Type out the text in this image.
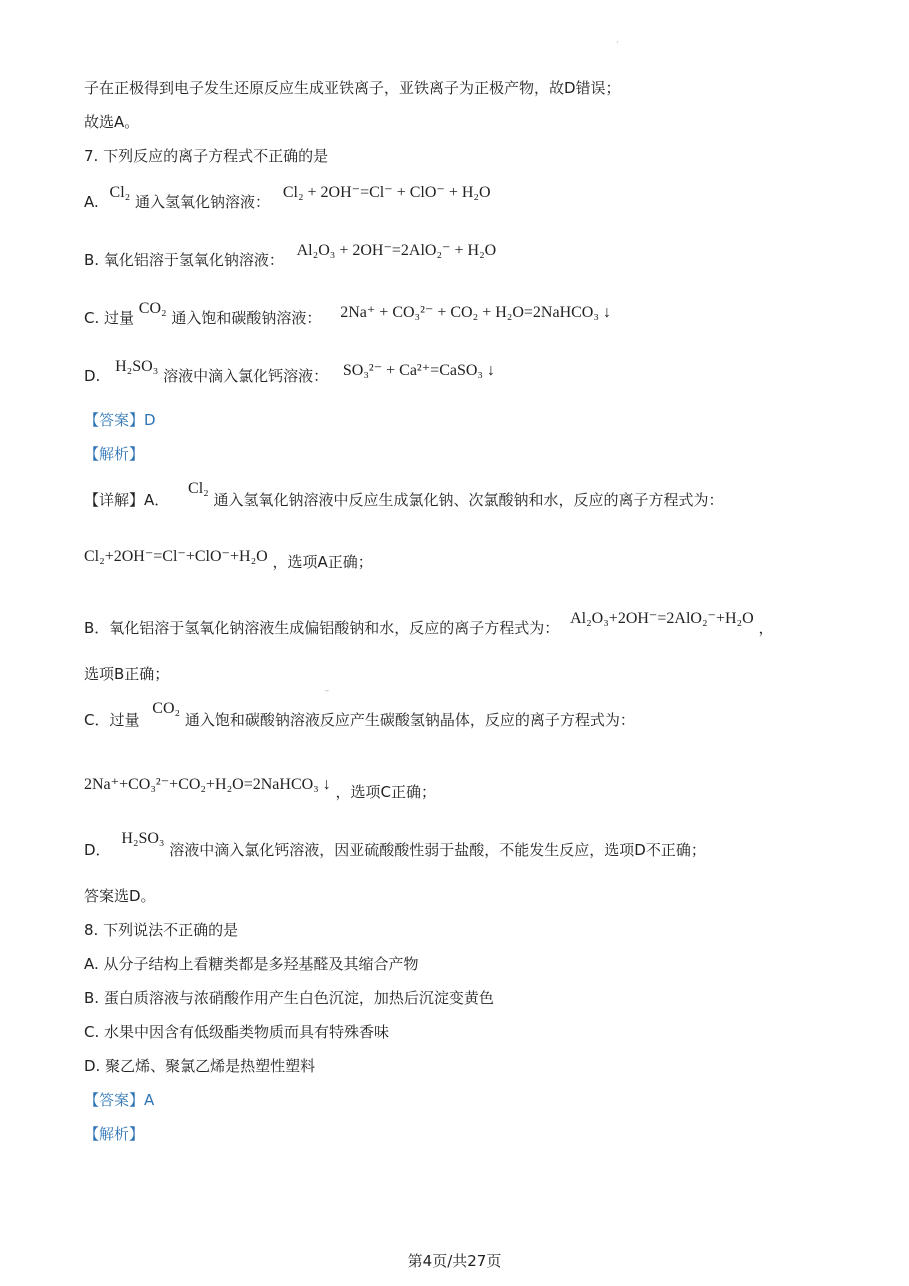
·
子在正极得到电子发生还原反应生成亚铁离子，亚铁离子为正极产物，故D错误；
故选A。
7. 下列反应的离子方程式不正确的是
A. Cl₂ 通入氢氧化钠溶液： Cl₂ + 2OH⁻=Cl⁻ + ClO⁻ + H₂O
B. 氧化铝溶于氢氧化钠溶液： Al₂O₃ + 2OH⁻=2AlO₂⁻ + H₂O
C. 过量 CO₂ 通入饱和碳酸钠溶液： 2Na⁺ + CO₃²⁻ + CO₂ + H₂O=2NaHCO₃ ↓
D. H₂SO₃ 溶液中滴入氯化钙溶液： SO₃²⁻ + Ca²⁺=CaSO₃ ↓
【答案】D
【解析】
【详解】A． Cl₂ 通入氢氧化钠溶液中反应生成氯化钠、次氯酸钠和水，反应的离子方程式为：
Cl₂+2OH⁻=Cl⁻+ClO⁻+H₂O ，选项A正确；
B．氧化铝溶于氢氧化钠溶液生成偏铝酸钠和水，反应的离子方程式为： Al₂O₃+2OH⁻=2AlO₂⁻+H₂O ，
选项B正确；
–
C．过量 CO₂ 通入饱和碳酸钠溶液反应产生碳酸氢钠晶体，反应的离子方程式为：
2Na⁺+CO₃²⁻+CO₂+H₂O=2NaHCO₃ ↓ ，选项C正确；
D． H₂SO₃ 溶液中滴入氯化钙溶液，因亚硫酸酸性弱于盐酸，不能发生反应，选项D不正确；
答案选D。
8. 下列说法不正确的是
A. 从分子结构上看糖类都是多羟基醛及其缩合产物
B. 蛋白质溶液与浓硝酸作用产生白色沉淀，加热后沉淀变黄色
C. 水果中因含有低级酯类物质而具有特殊香味
D. 聚乙烯、聚氯乙烯是热塑性塑料
【答案】A
【解析】
第4页/共27页
